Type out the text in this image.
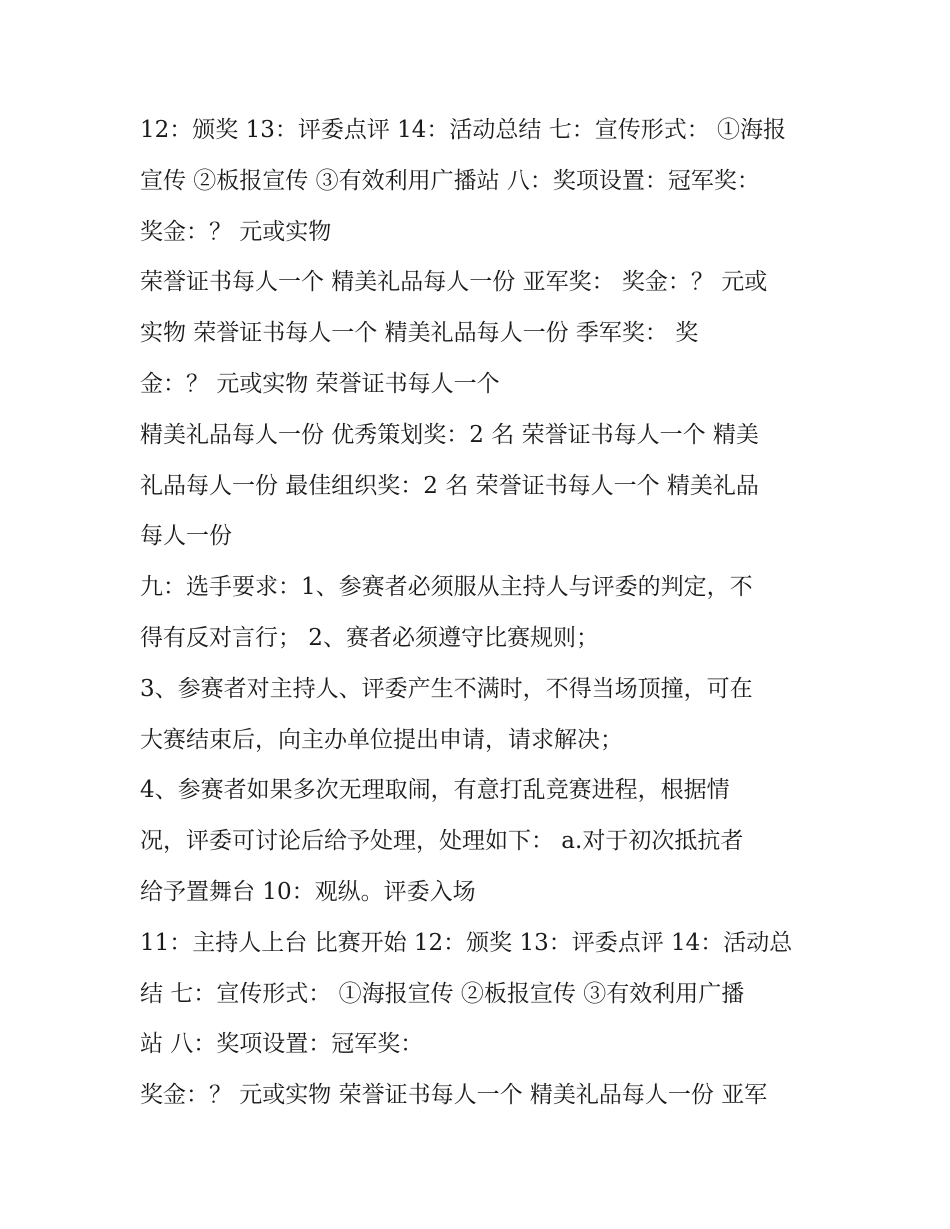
12：颁奖 13：评委点评 14：活动总结 七：宣传形式： ①海报
宣传 ②板报宣传 ③有效利用广播站 八：奖项设置：冠军奖：
奖金：？ 元或实物
荣誉证书每人一个 精美礼品每人一份 亚军奖： 奖金：？ 元或
实物 荣誉证书每人一个 精美礼品每人一份 季军奖： 奖
金：？ 元或实物 荣誉证书每人一个
精美礼品每人一份 优秀策划奖：2 名 荣誉证书每人一个 精美
礼品每人一份 最佳组织奖：2 名 荣誉证书每人一个 精美礼品
每人一份
九：选手要求：1、参赛者必须服从主持人与评委的判定，不
得有反对言行； 2、赛者必须遵守比赛规则；
3、参赛者对主持人、评委产生不满时，不得当场顶撞，可在
大赛结束后，向主办单位提出申请，请求解决；
4、参赛者如果多次无理取闹，有意打乱竞赛进程，根据情
况，评委可讨论后给予处理，处理如下： a.对于初次抵抗者
给予置舞台 10：观纵。评委入场
11：主持人上台 比赛开始 12：颁奖 13：评委点评 14：活动总
结 七：宣传形式： ①海报宣传 ②板报宣传 ③有效利用广播
站 八：奖项设置：冠军奖：
奖金：？ 元或实物 荣誉证书每人一个 精美礼品每人一份 亚军
